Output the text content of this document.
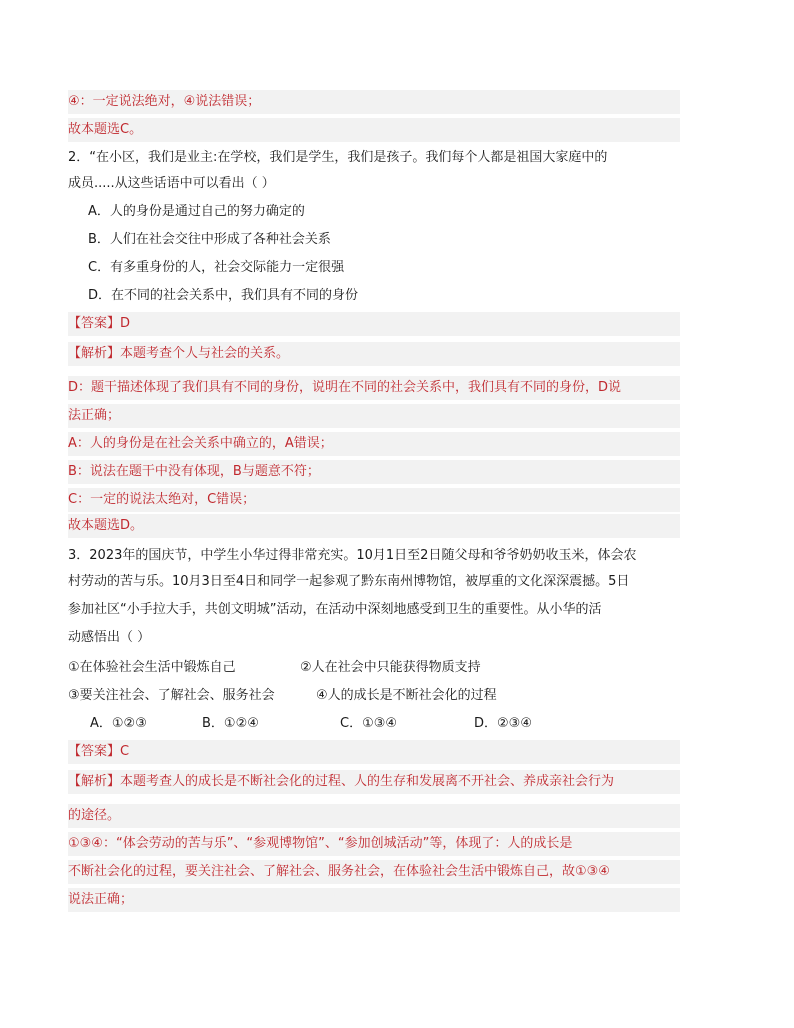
④：一定说法绝对，④说法错误；
故本题选C。
2．“在小区，我们是业主:在学校，我们是学生，我们是孩子。我们每个人都是祖国大家庭中的
成员.....从这些话语中可以看出（ ）
A．人的身份是通过自己的努力确定的
B．人们在社会交往中形成了各种社会关系
C．有多重身份的人，社会交际能力一定很强
D．在不同的社会关系中，我们具有不同的身份
【答案】D
【解析】本题考查个人与社会的关系。
D：题干描述体现了我们具有不同的身份，说明在不同的社会关系中，我们具有不同的身份，D说
法正确；
A：人的身份是在社会关系中确立的，A错误；
B：说法在题干中没有体现，B与题意不符；
C：一定的说法太绝对，C错误；
故本题选D。
3．2023年的国庆节，中学生小华过得非常充实。10月1日至2日随父母和爷爷奶奶收玉米，体会农
村劳动的苦与乐。10月3日至4日和同学一起参观了黔东南州博物馆，被厚重的文化深深震撼。5日
参加社区“小手拉大手，共创文明城”活动，在活动中深刻地感受到卫生的重要性。从小华的活
动感悟出（ ）
①在体验社会生活中锻炼自己	②人在社会中只能获得物质支持
③要关注社会、了解社会、服务社会	④人的成长是不断社会化的过程
A．①②③	B．①②④	C．①③④	D．②③④
【答案】C
【解析】本题考查人的成长是不断社会化的过程、人的生存和发展离不开社会、养成亲社会行为
的途径。
①③④：“体会劳动的苦与乐”、“参观博物馆”、“参加创城活动”等，体现了：人的成长是
不断社会化的过程，要关注社会、了解社会、服务社会，在体验社会生活中锻炼自己，故①③④
说法正确；
